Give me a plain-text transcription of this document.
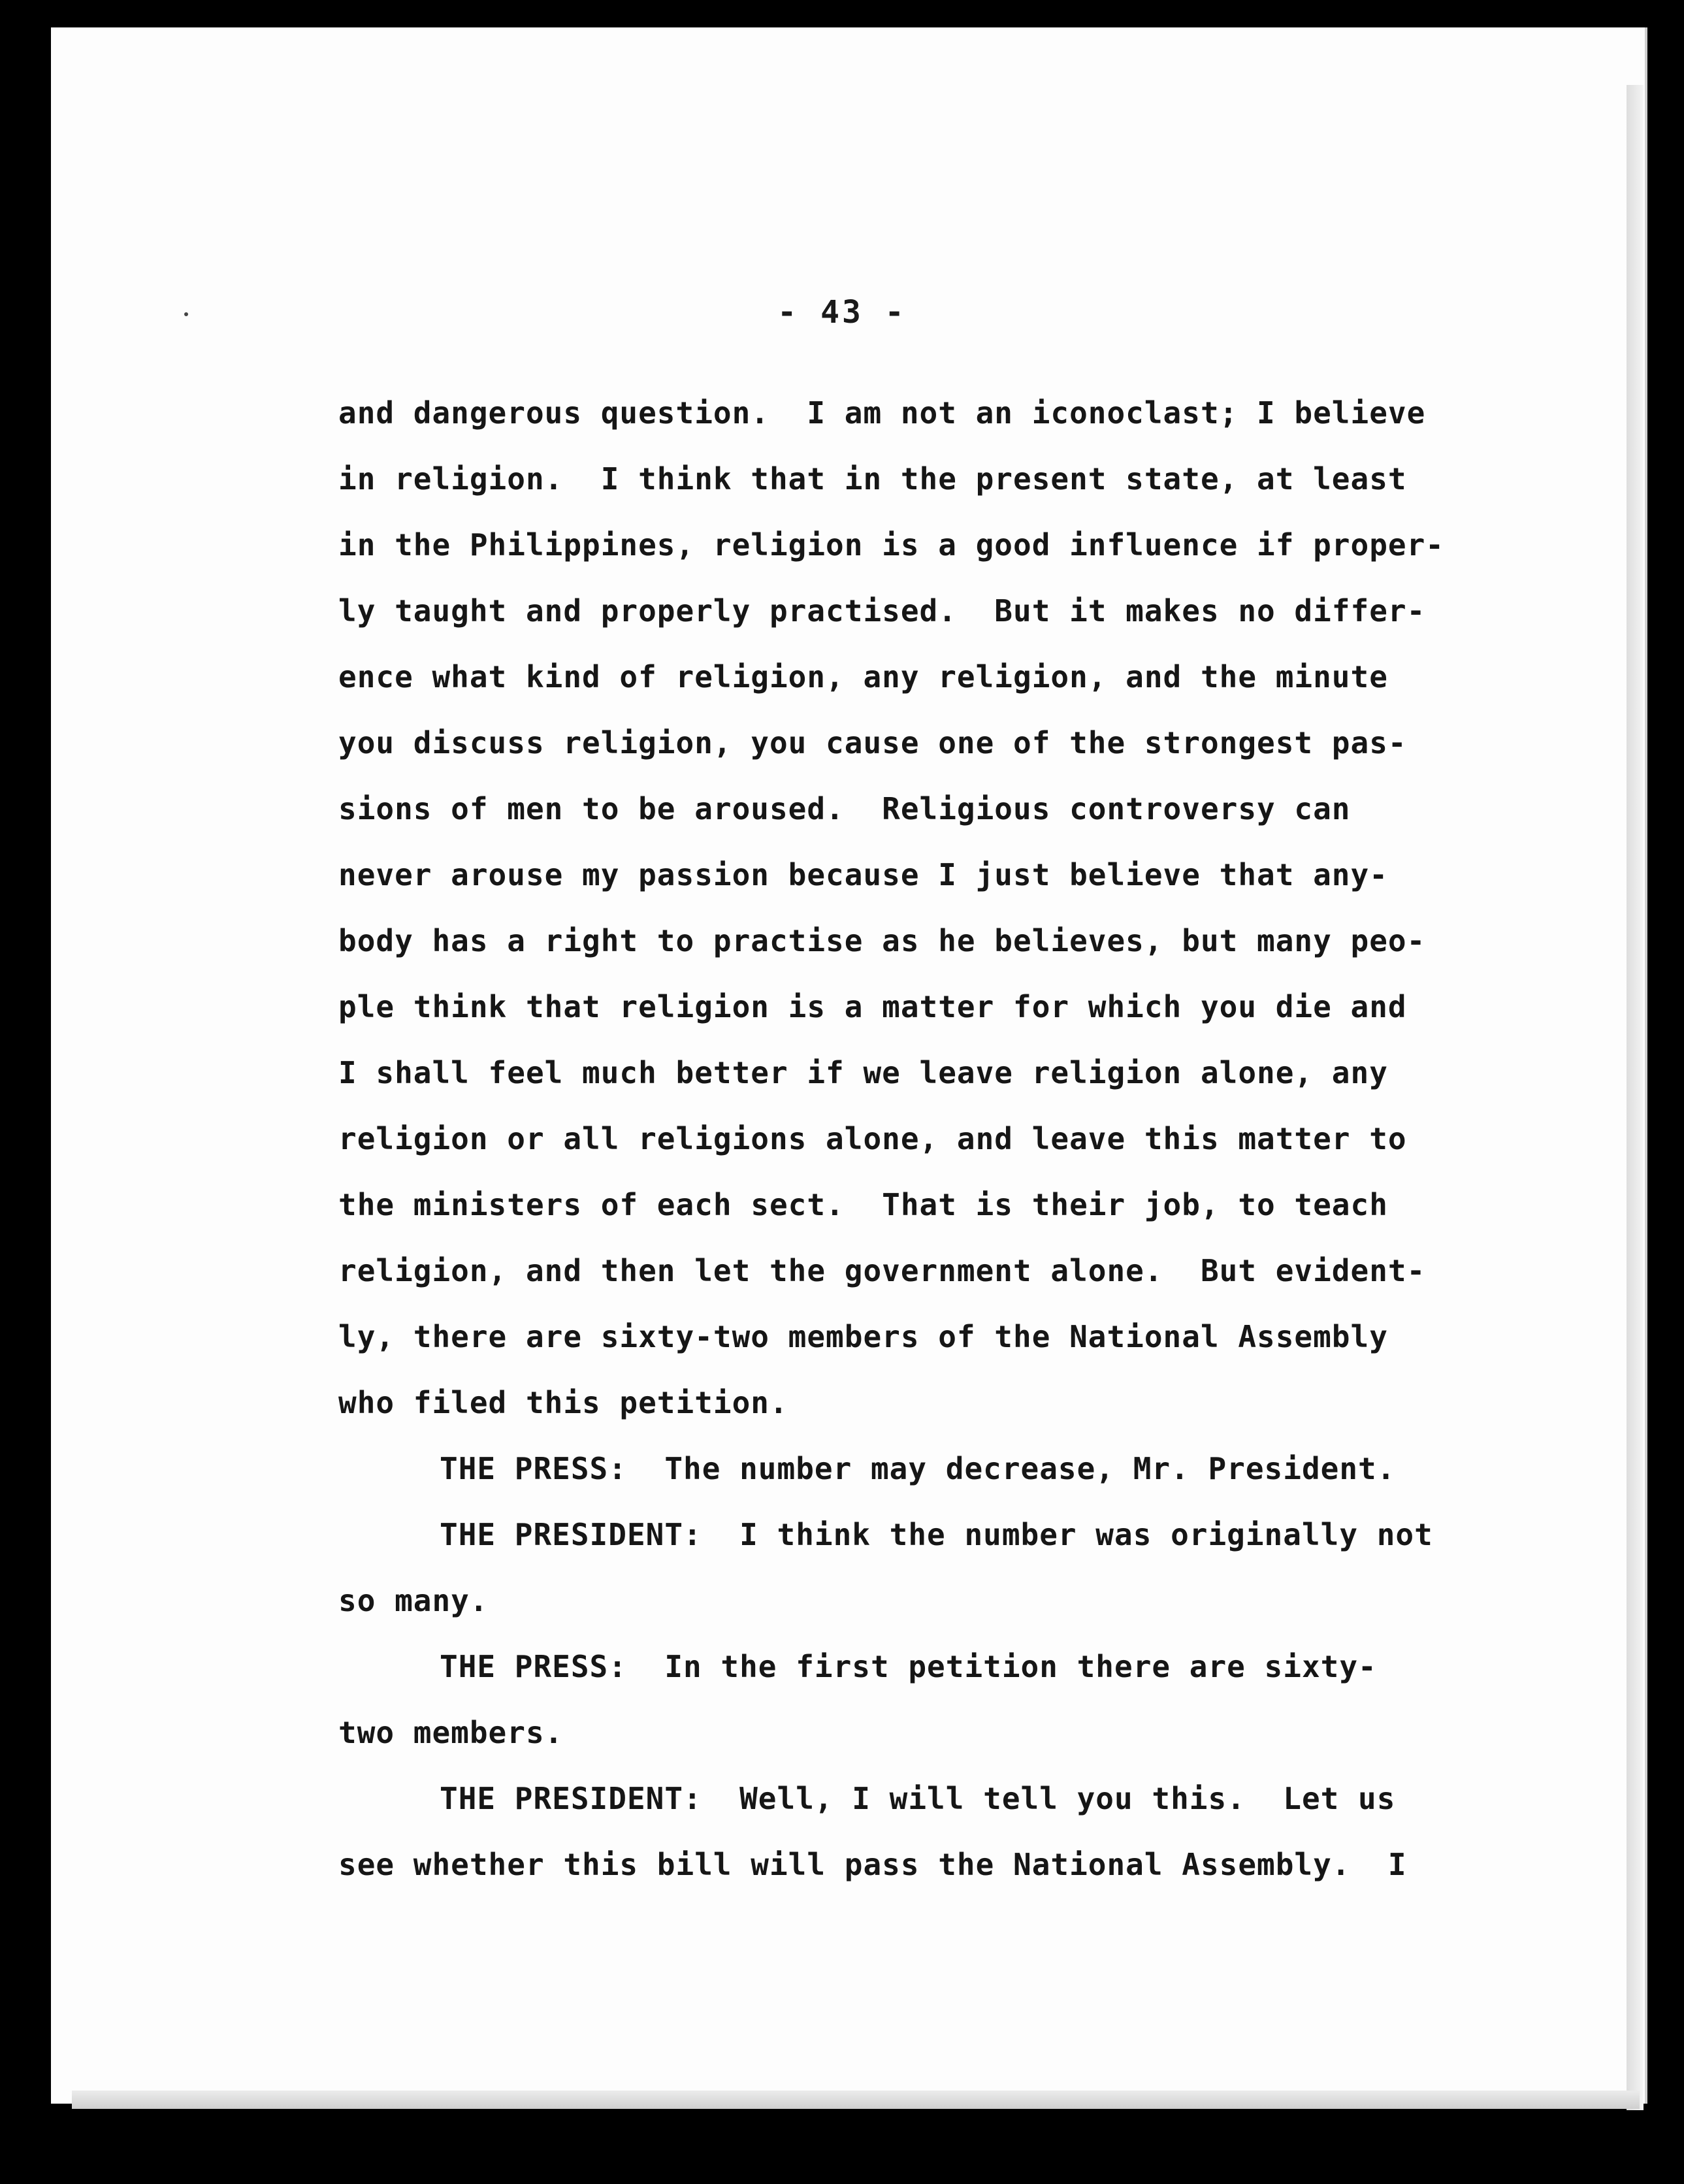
- 43 -
and dangerous question.  I am not an iconoclast; I believe
in religion.  I think that in the present state, at least
in the Philippines, religion is a good influence if proper-
ly taught and properly practised.  But it makes no differ-
ence what kind of religion, any religion, and the minute
you discuss religion, you cause one of the strongest pas-
sions of men to be aroused.  Religious controversy can
never arouse my passion because I just believe that any-
body has a right to practise as he believes, but many peo-
ple think that religion is a matter for which you die and
I shall feel much better if we leave religion alone, any
religion or all religions alone, and leave this matter to
the ministers of each sect.  That is their job, to teach
religion, and then let the government alone.  But evident-
ly, there are sixty-two members of the National Assembly
who filed this petition.
THE PRESS:  The number may decrease, Mr. President.
THE PRESIDENT:  I think the number was originally not
so many.
THE PRESS:  In the first petition there are sixty-
two members.
THE PRESIDENT:  Well, I will tell you this.  Let us
see whether this bill will pass the National Assembly.  I
